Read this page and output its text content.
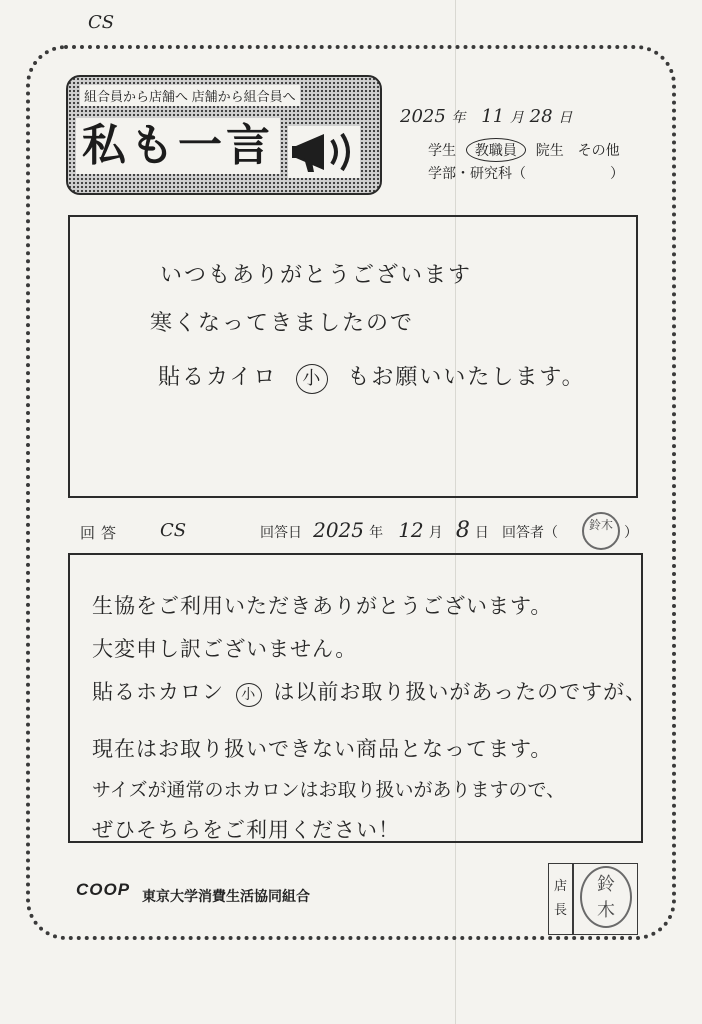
CS
組合員から店舗へ 店舗から組合員へ
私も一言
2025 年 11 月 28 日
学生 教職員 院生 その他
学部・研究科（　　　　　　）
いつもありがとうございます
寒くなってきましたので
貼るカイロ 小 もお願いいたします。
回答 CS	回答日 2025 年 12 月 8 日 回答者（	鈴木 ）
生協をご利用いただきありがとうございます。
大変申し訳ございません。
貼るホカロン 小 は以前お取り扱いがあったのですが、
現在はお取り扱いできない商品となってます。
サイズが通常のホカロンはお取り扱いがありますので、
ぜひそちらをご利用ください！
COOP 東京大学消費生活協同組合
店長
鈴木
